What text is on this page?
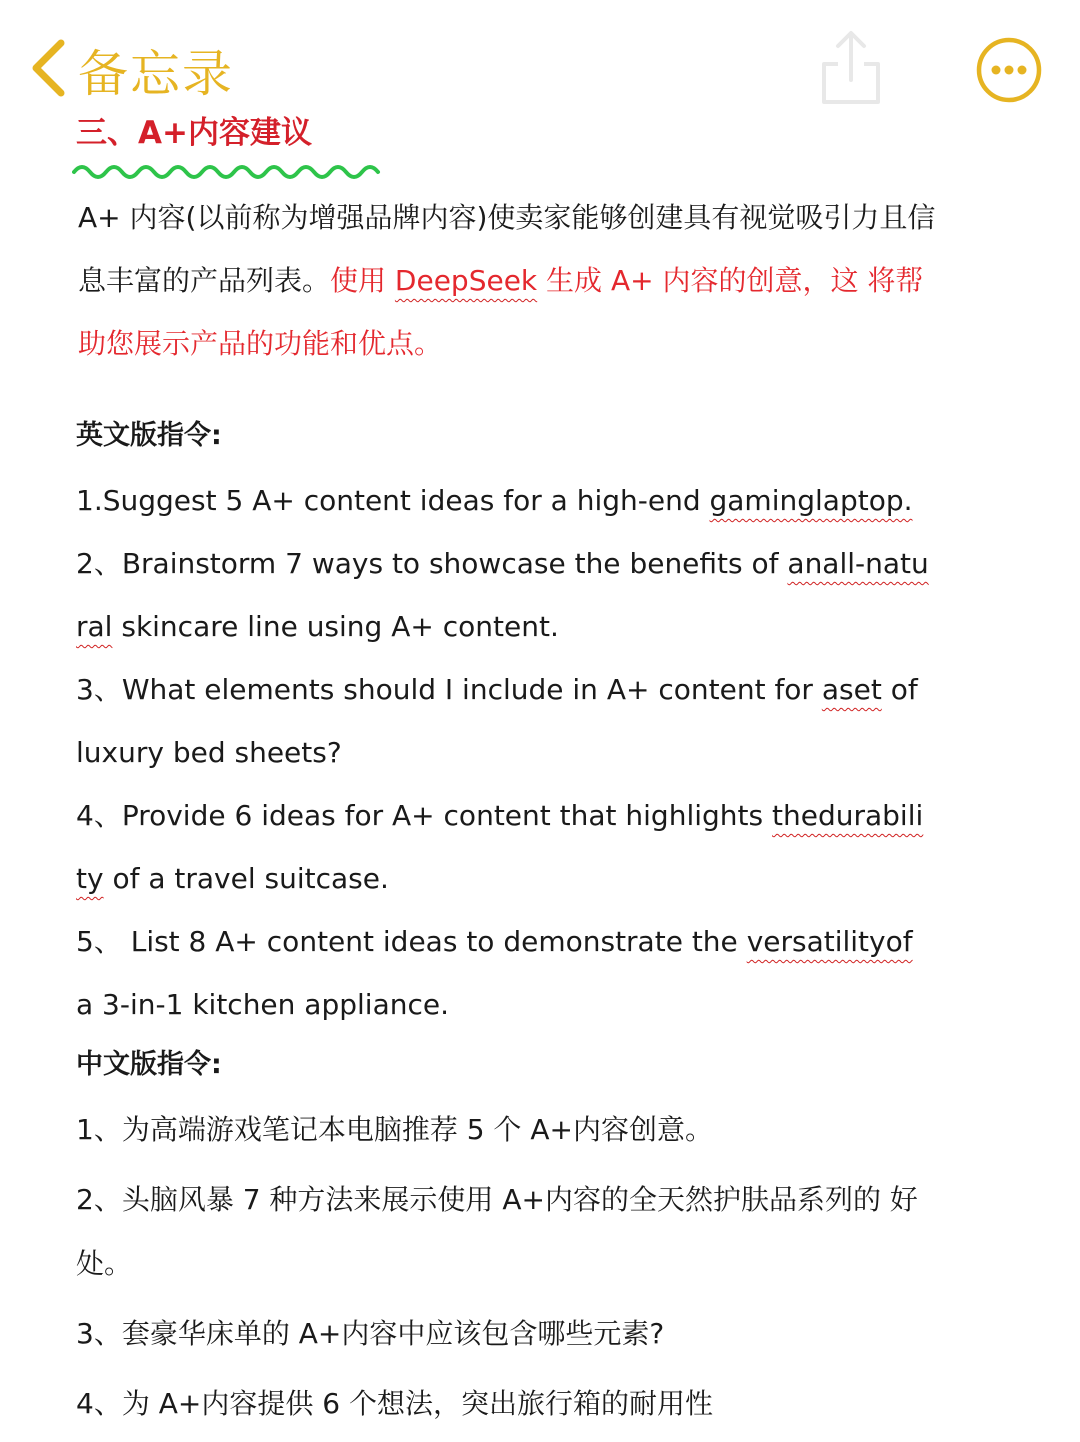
备忘录
三、A+内容建议

A+ 内容(以前称为增强品牌内容)使卖家能够创建具有视觉吸引力且信息丰富的产品列表。使用 DeepSeek 生成 A+ 内容的创意，这 将帮助您展示产品的功能和优点。

英文版指令:

1.Suggest 5 A+ content ideas for a high-end gaminglaptop.

2、Brainstorm 7 ways to showcase the benefits of anall-natu ral skincare line using A+ content.

3、What elements should I include in A+ content for aset of luxury bed sheets?

4、Provide 6 ideas for A+ content that highlights thedurabili ty of a travel suitcase.

5、 List 8 A+ content ideas to demonstrate the versatilityof a 3-in-1 kitchen appliance.

中文版指令:

1、为高端游戏笔记本电脑推荐 5 个 A+内容创意。

2、头脑风暴 7 种方法来展示使用 A+内容的全天然护肤品系列的 好处。

3、套豪华床单的 A+内容中应该包含哪些元素?

4、为 A+内容提供 6 个想法，突出旅行箱的耐用性
